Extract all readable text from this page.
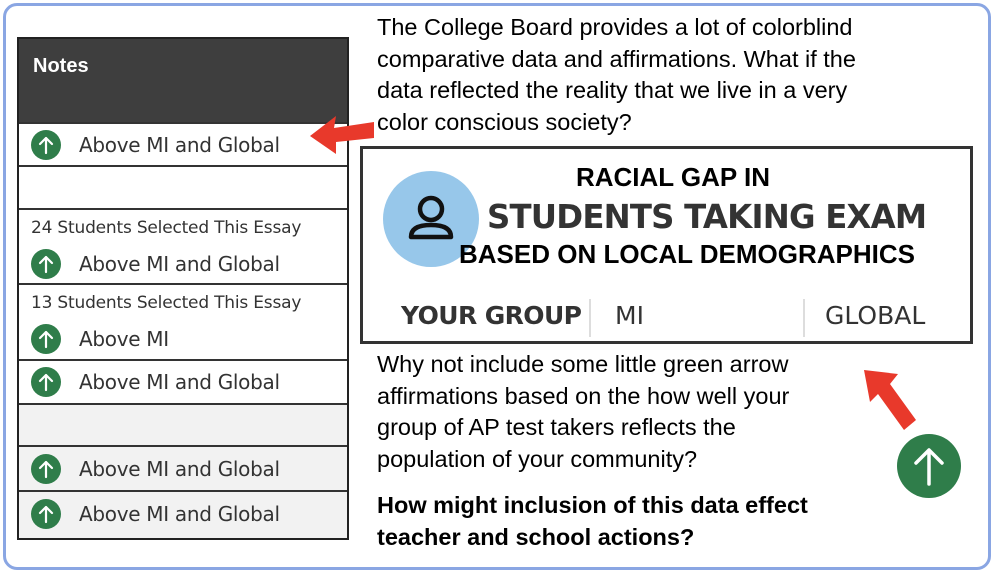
Notes
Above MI and Global
24 Students Selected This Essay
Above MI and Global
13 Students Selected This Essay
Above MI
Above MI and Global
Above MI and Global
Above MI and Global
The College Board provides a lot of colorblind
comparative data and affirmations. What if the
data reflected the reality that we live in a very
color conscious society?
RACIAL GAP IN
STUDENTS TAKING EXAM
BASED ON LOCAL DEMOGRAPHICS
YOUR GROUP MI	GLOBAL
Why not include some little green arrow
affirmations based on the how well your
group of AP test takers reflects the
population of your community?
How might inclusion of this data effect
teacher and school actions?
